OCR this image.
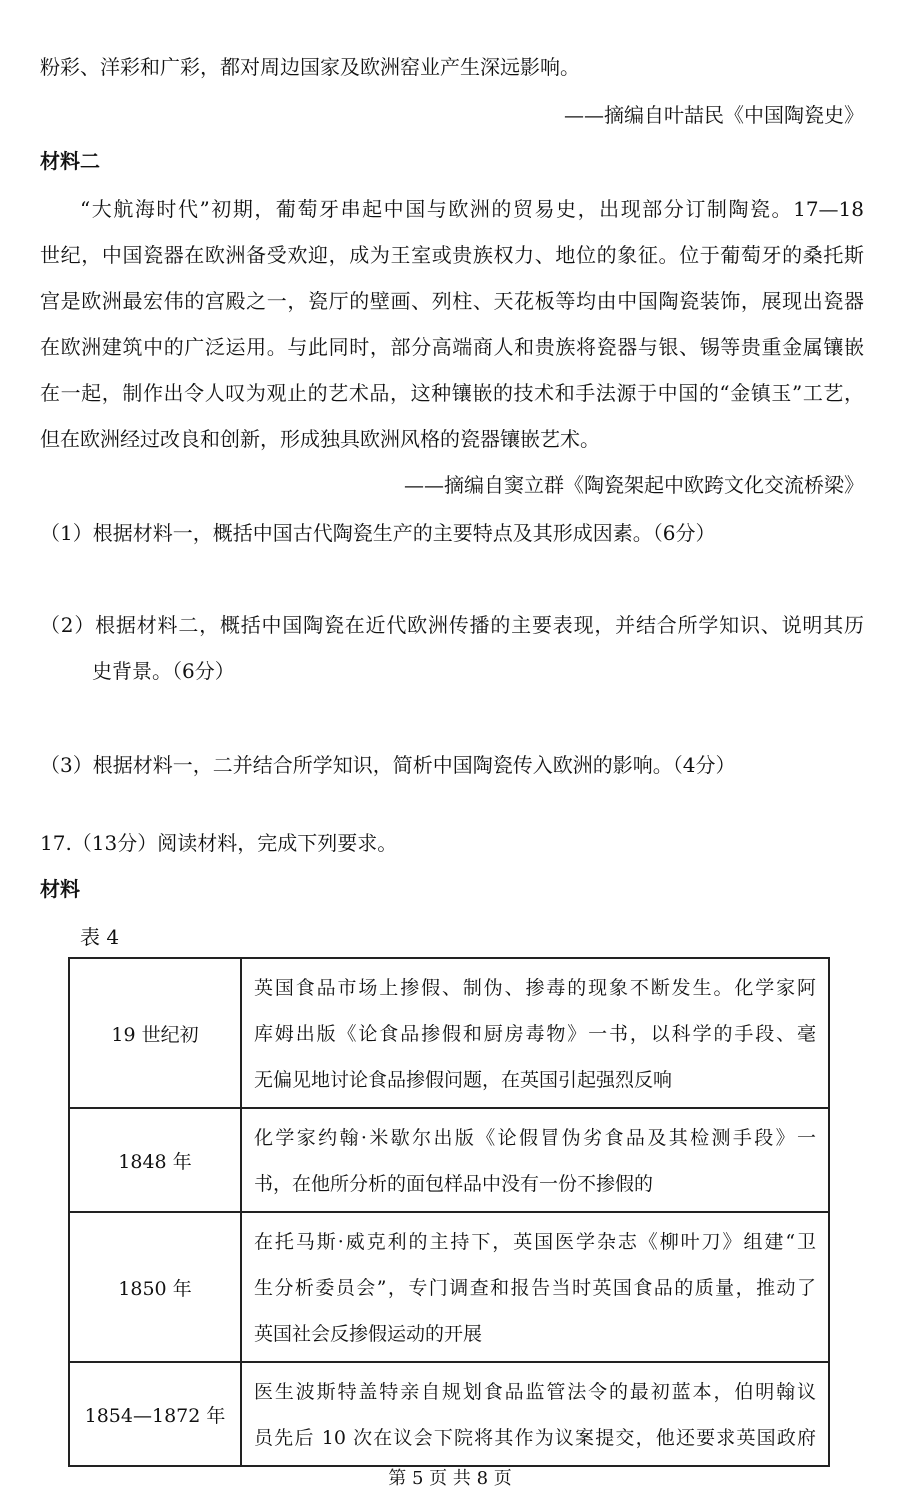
粉彩、洋彩和广彩，都对周边国家及欧洲窑业产生深远影响。
——摘编自叶喆民《中国陶瓷史》
材料二
“大航海时代”初期，葡萄牙串起中国与欧洲的贸易史，出现部分订制陶瓷。17—18
世纪，中国瓷器在欧洲备受欢迎，成为王室或贵族权力、地位的象征。位于葡萄牙的桑托斯
宫是欧洲最宏伟的宫殿之一，瓷厅的壁画、列柱、天花板等均由中国陶瓷装饰，展现出瓷器
在欧洲建筑中的广泛运用。与此同时，部分高端商人和贵族将瓷器与银、锡等贵重金属镶嵌
在一起，制作出令人叹为观止的艺术品，这种镶嵌的技术和手法源于中国的“金镇玉”工艺，
但在欧洲经过改良和创新，形成独具欧洲风格的瓷器镶嵌艺术。
——摘编自窦立群《陶瓷架起中欧跨文化交流桥梁》
（1）根据材料一，概括中国古代陶瓷生产的主要特点及其形成因素。（6分）
（2）根据材料二，概括中国陶瓷在近代欧洲传播的主要表现，并结合所学知识、说明其历
史背景。（6分）
（3）根据材料一，二并结合所学知识，简析中国陶瓷传入欧洲的影响。（4分）
17.（13分）阅读材料，完成下列要求。
材料
表 4
19 世纪初	英国食品市场上掺假、制伪、掺毒的现象不断发生。化学家阿
库姆出版《论食品掺假和厨房毒物》一书，以科学的手段、毫
无偏见地讨论食品掺假问题，在英国引起强烈反响

1848 年	化学家约翰·米歇尔出版《论假冒伪劣食品及其检测手段》一
书，在他所分析的面包样品中没有一份不掺假的

1850 年	在托马斯·威克利的主持下，英国医学杂志《柳叶刀》组建“卫
生分析委员会”，专门调查和报告当时英国食品的质量，推动了
英国社会反掺假运动的开展

1854—1872 年	医生波斯特盖特亲自规划食品监管法令的最初蓝本，伯明翰议
员先后 10 次在议会下院将其作为议案提交，他还要求英国政府
第 5 页 共 8 页
